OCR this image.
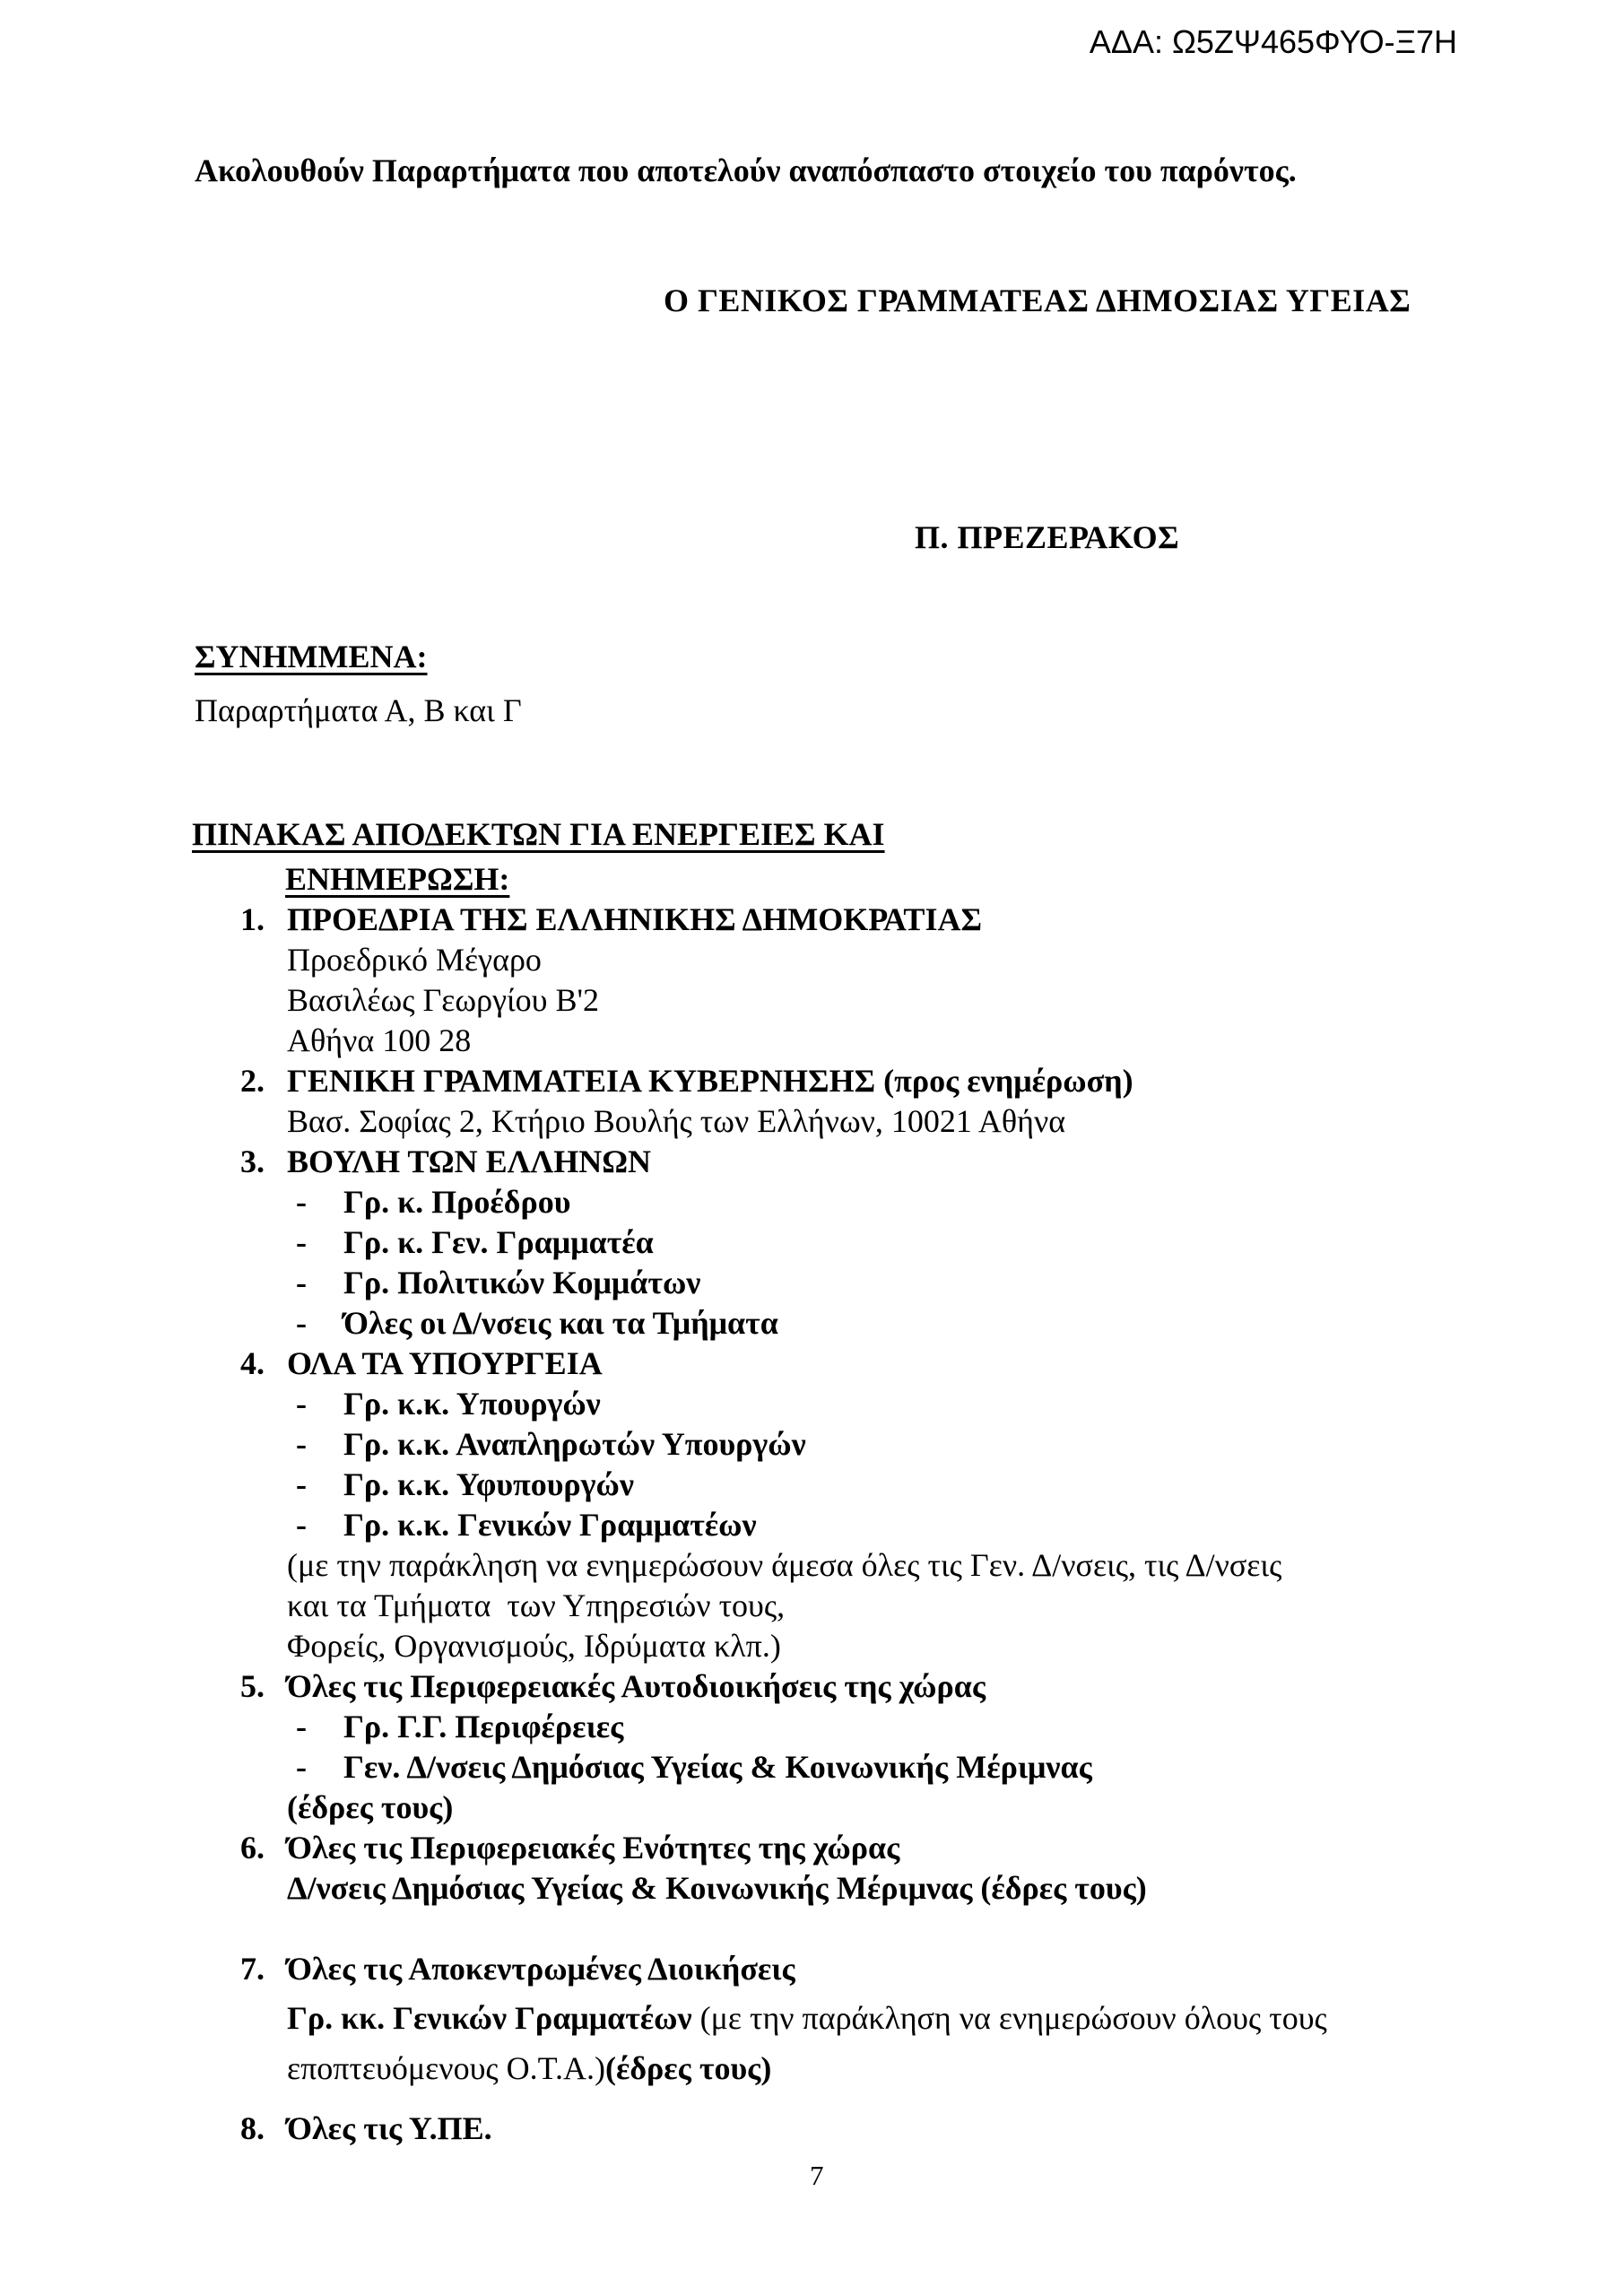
ΑΔΑ: Ω5ΖΨ465ΦΥΟ-Ξ7Η
Ακολουθούν Παραρτήματα που αποτελούν αναπόσπαστο στοιχείο του παρόντος.
Ο ΓΕΝΙΚΟΣ ΓΡΑΜΜΑΤΕΑΣ ΔΗΜΟΣΙΑΣ ΥΓΕΙΑΣ
Π. ΠΡΕΖΕΡΑΚΟΣ
ΣΥΝΗΜΜΕΝΑ:
Παραρτήματα Α, Β και Γ
ΠΙΝΑΚΑΣ ΑΠΟΔΕΚΤΩΝ ΓΙΑ ΕΝΕΡΓΕΙΕΣ ΚΑΙ
ΕΝΗΜΕΡΩΣΗ:
1. ΠΡΟΕΔΡΙΑ ΤΗΣ ΕΛΛΗΝΙΚΗΣ ΔΗΜΟΚΡΑΤΙΑΣ
Προεδρικό Μέγαρο
Βασιλέως Γεωργίου Β'2
Αθήνα 100 28
2. ΓΕΝΙΚΗ ΓΡΑΜΜΑΤΕΙΑ ΚΥΒΕΡΝΗΣΗΣ (προς ενημέρωση)
Βασ. Σοφίας 2, Κτήριο Βουλής των Ελλήνων, 10021 Αθήνα
3. ΒΟΥΛΗ ΤΩΝ ΕΛΛΗΝΩΝ
- Γρ. κ. Προέδρου
- Γρ. κ. Γεν. Γραμματέα
- Γρ. Πολιτικών Κομμάτων
- Όλες οι Δ/νσεις και τα Τμήματα
4. ΟΛΑ ΤΑ ΥΠΟΥΡΓΕΙΑ
- Γρ. κ.κ. Υπουργών
- Γρ. κ.κ. Αναπληρωτών Υπουργών
- Γρ. κ.κ. Υφυπουργών
- Γρ. κ.κ. Γενικών Γραμματέων
(με την παράκληση να ενημερώσουν άμεσα όλες τις Γεν. Δ/νσεις, τις Δ/νσεις
και τα Τμήματα  των Υπηρεσιών τους,
Φορείς, Οργανισμούς, Ιδρύματα κλπ.)
5. Όλες τις Περιφερειακές Αυτοδιοικήσεις της χώρας
- Γρ. Γ.Γ. Περιφέρειες
- Γεν. Δ/νσεις Δημόσιας Υγείας & Κοινωνικής Μέριμνας
(έδρες τους)
6. Όλες τις Περιφερειακές Ενότητες της χώρας
Δ/νσεις Δημόσιας Υγείας & Κοινωνικής Μέριμνας (έδρες τους)
7. Όλες τις Αποκεντρωμένες Διοικήσεις
Γρ. κκ. Γενικών Γραμματέων (με την παράκληση να ενημερώσουν όλους τους
εποπτευόμενους Ο.Τ.Α.)(έδρες τους)
8. Όλες τις Υ.ΠΕ.
7
